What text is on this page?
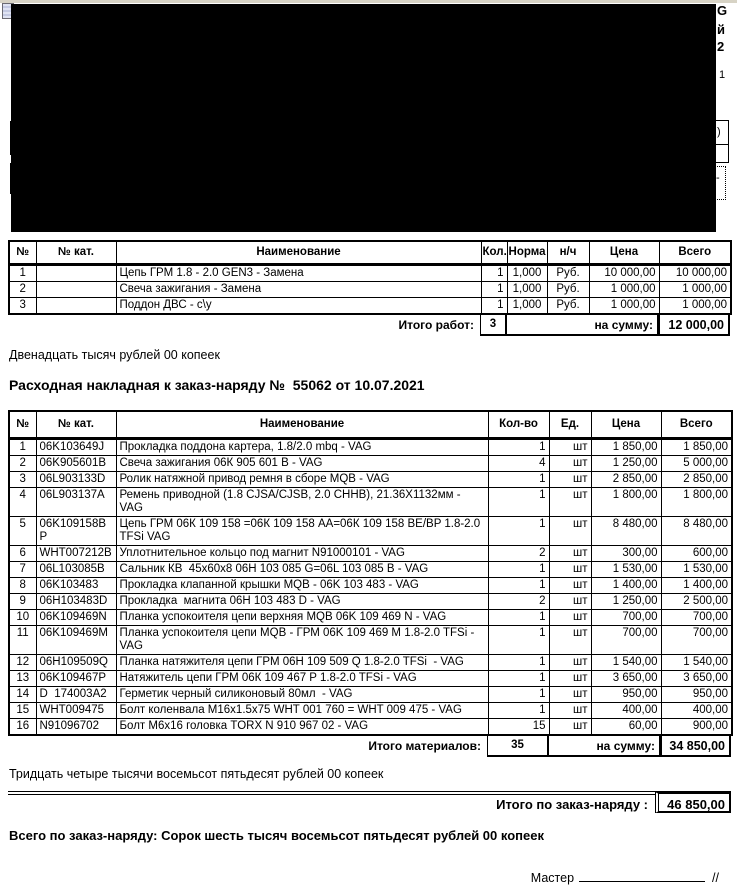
G
й
2
1
)
-
№	№ кат.	Наименование	Кол.	Норма	н/ч	Цена	Всего
1		Цепь ГРМ 1.8 - 2.0 GEN3 - Замена	1	1,000	Руб.	10 000,00	10 000,00
2		Свеча зажигания - Замена	1	1,000	Руб.	1 000,00	1 000,00
3		Поддон ДВС - c\y	1	1,000	Руб.	1 000,00	1 000,00
Итого работ:	3	на сумму:	12 000,00
Двенадцать тысяч рублей 00 копеек
Расходная накладная к заказ-наряду №  55062 от 10.07.2021
№	№ кат.	Наименование	Кол-во	Ед.	Цена	Всего
1	06K103649J	Прокладка поддона картера, 1.8/2.0 mbq - VAG	1	шт	1 850,00	1 850,00
2	06K905601B	Свеча зажигания 06К 905 601 B - VAG	4	шт	1 250,00	5 000,00
3	06L903133D	Ролик натяжной привод ремня в сборе MQB - VAG	1	шт	2 850,00	2 850,00
4	06L903137A	Ремень приводной (1.8 CJSA/CJSB, 2.0 CHHB), 21.36Х1132мм - VAG	1	шт	1 800,00	1 800,00
5	06K109158BP	Цепь ГРМ 06К 109 158 =06К 109 158 АА=06К 109 158 BE/BP 1.8-2.0 TFSi VAG	1	шт	8 480,00	8 480,00
6	WHT007212B	Уплотнительное кольцо под магнит N91000101 - VAG	2	шт	300,00	600,00
7	06L103085B	Сальник КВ  45x60x8 06Н 103 085 G=06L 103 085 B - VAG	1	шт	1 530,00	1 530,00
8	06K103483	Прокладка клапанной крышки MQB - 06K 103 483 - VAG	1	шт	1 400,00	1 400,00
9	06H103483D	Прокладка  магнита 06Н 103 483 D - VAG	2	шт	1 250,00	2 500,00
10	06K109469N	Планка успокоителя цепи верхняя MQB 06K 109 469 N - VAG	1	шт	700,00	700,00
11	06K109469M	Планка успокоителя цепи MQB - ГРМ 06K 109 469 M 1.8-2.0 TFSi - VAG	1	шт	700,00	700,00
12	06H109509Q	Планка натяжителя цепи ГРМ 06Н 109 509 Q 1.8-2.0 TFSi  - VAG	1	шт	1 540,00	1 540,00
13	06K109467P	Натяжитель цепи ГРМ 06К 109 467 P 1.8-2.0 TFSi - VAG	1	шт	3 650,00	3 650,00
14	D  174003A2	Герметик черный силиконовый 80мл  - VAG	1	шт	950,00	950,00
15	WHT009475	Болт коленвала М16х1.5х75 WHT 001 760 = WHT 009 475 - VAG	1	шт	400,00	400,00
16	N91096702	Болт М6х16 головка TORX N 910 967 02 - VAG	15	шт	60,00	900,00
Итого материалов:	35	на сумму:	34 850,00
Тридцать четыре тысячи восемьсот пятьдесят рублей 00 копеек
Итого по заказ-наряду :	46 850,00
Всего по заказ-наряду: Сорок шесть тысяч восемьсот пятьдесят рублей 00 копеек
Мастер	//
